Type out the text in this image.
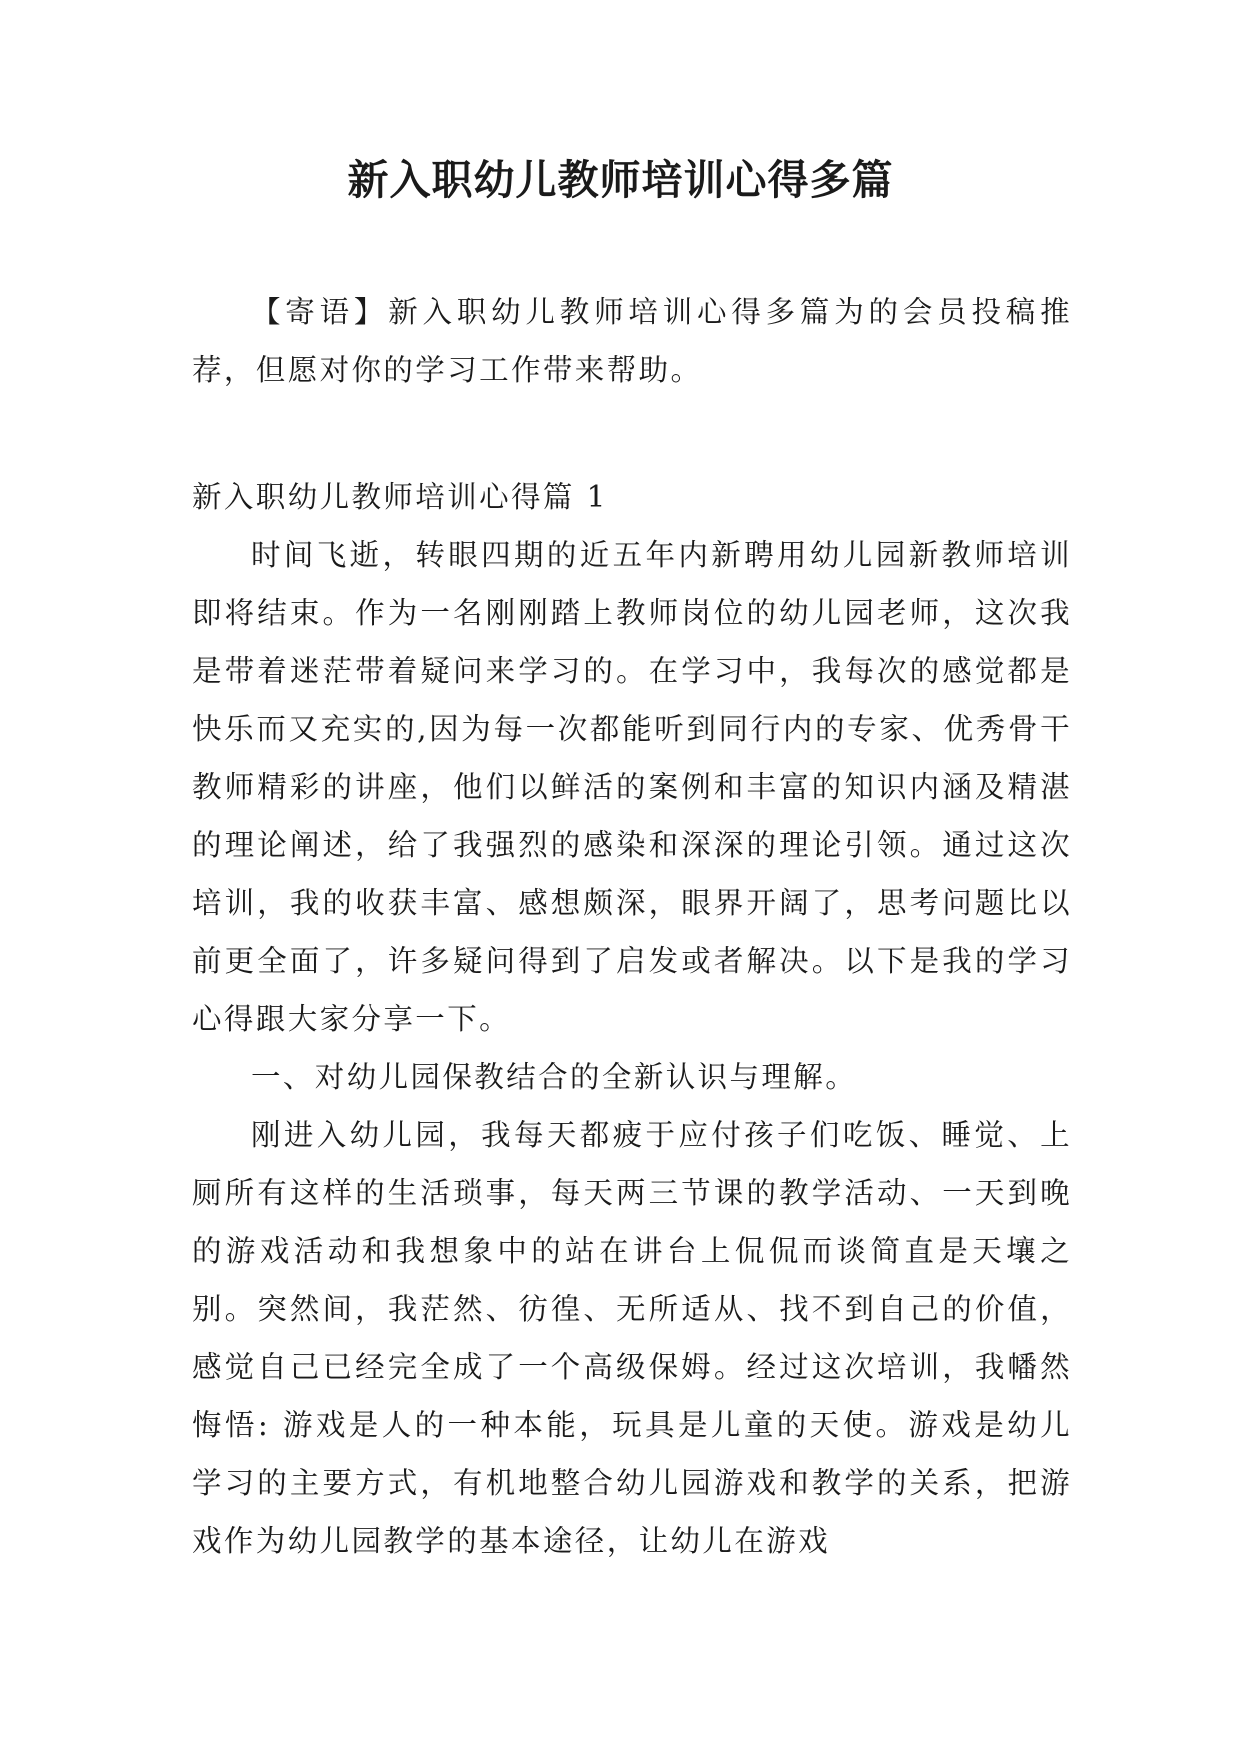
新入职幼儿教师培训心得多篇

【寄语】新入职幼儿教师培训心得多篇为的会员投稿推荐，但愿对你的学习工作带来帮助。

新入职幼儿教师培训心得篇 1

时间飞逝，转眼四期的近五年内新聘用幼儿园新教师培训即将结束。作为一名刚刚踏上教师岗位的幼儿园老师，这次我是带着迷茫带着疑问来学习的。在学习中，我每次的感觉都是快乐而又充实的,因为每一次都能听到同行内的专家、优秀骨干教师精彩的讲座，他们以鲜活的案例和丰富的知识内涵及精湛的理论阐述，给了我强烈的感染和深深的理论引领。通过这次培训，我的收获丰富、感想颇深，眼界开阔了，思考问题比以前更全面了，许多疑问得到了启发或者解决。以下是我的学习心得跟大家分享一下。

一、对幼儿园保教结合的全新认识与理解。

刚进入幼儿园，我每天都疲于应付孩子们吃饭、睡觉、上厕所有这样的生活琐事，每天两三节课的教学活动、一天到晚的游戏活动和我想象中的站在讲台上侃侃而谈简直是天壤之别。突然间，我茫然、彷徨、无所适从、找不到自己的价值，感觉自己已经完全成了一个高级保姆。经过这次培训，我幡然悔悟: 游戏是人的一种本能，玩具是儿童的天使。游戏是幼儿学习的主要方式，有机地整合幼儿园游戏和教学的关系，把游戏作为幼儿园教学的基本途径，让幼儿在游戏
